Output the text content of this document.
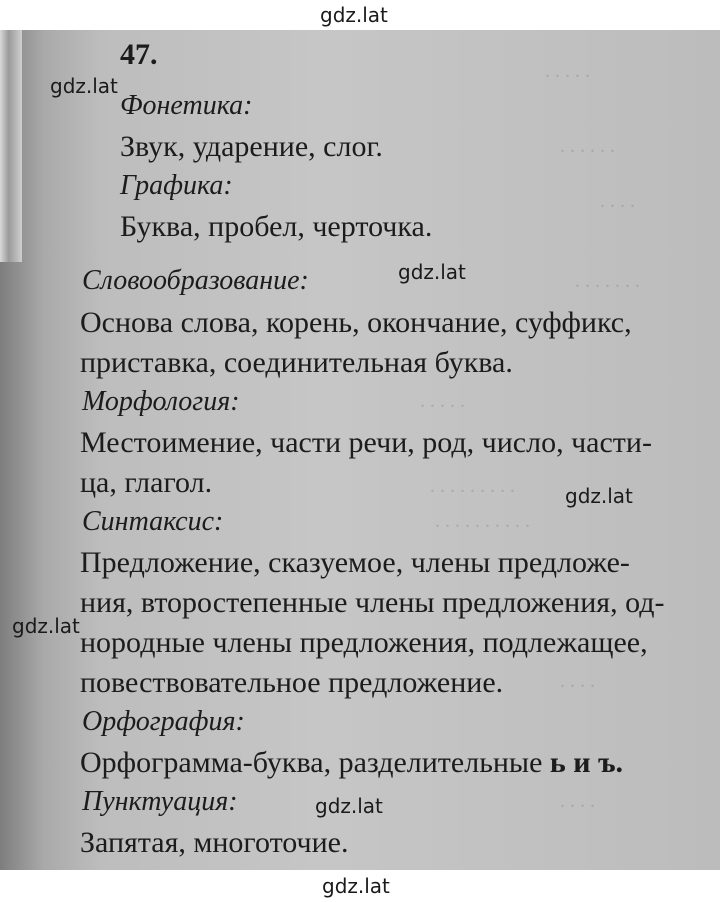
. . . . .
. . . . . .
. . . .
. . . . . . .
. . . . .
. . . . . . . . .
. . . . . . . . . .
. . . .
. . . .
47.
Фонетика:
Звук, ударение, слог.
Графика:
Буква, пробел, черточка.
Словообразование:
Основа слова, корень, окончание, суффикс,
приставка, соединительная буква.
Морфология:
Местоимение, части речи, род, число, части-
ца, глагол.
Синтаксис:
Предложение, сказуемое, члены предложе-
ния, второстепенные члены предложения, од-
нородные члены предложения, подлежащее,
повествовательное предложение.
Орфография:
Орфограмма-буква, разделительные ь и ъ.
Пунктуация:
Запятая, многоточие.
gdz.lat
gdz.lat
gdz.lat
gdz.lat
gdz.lat
gdz.lat
gdz.lat
